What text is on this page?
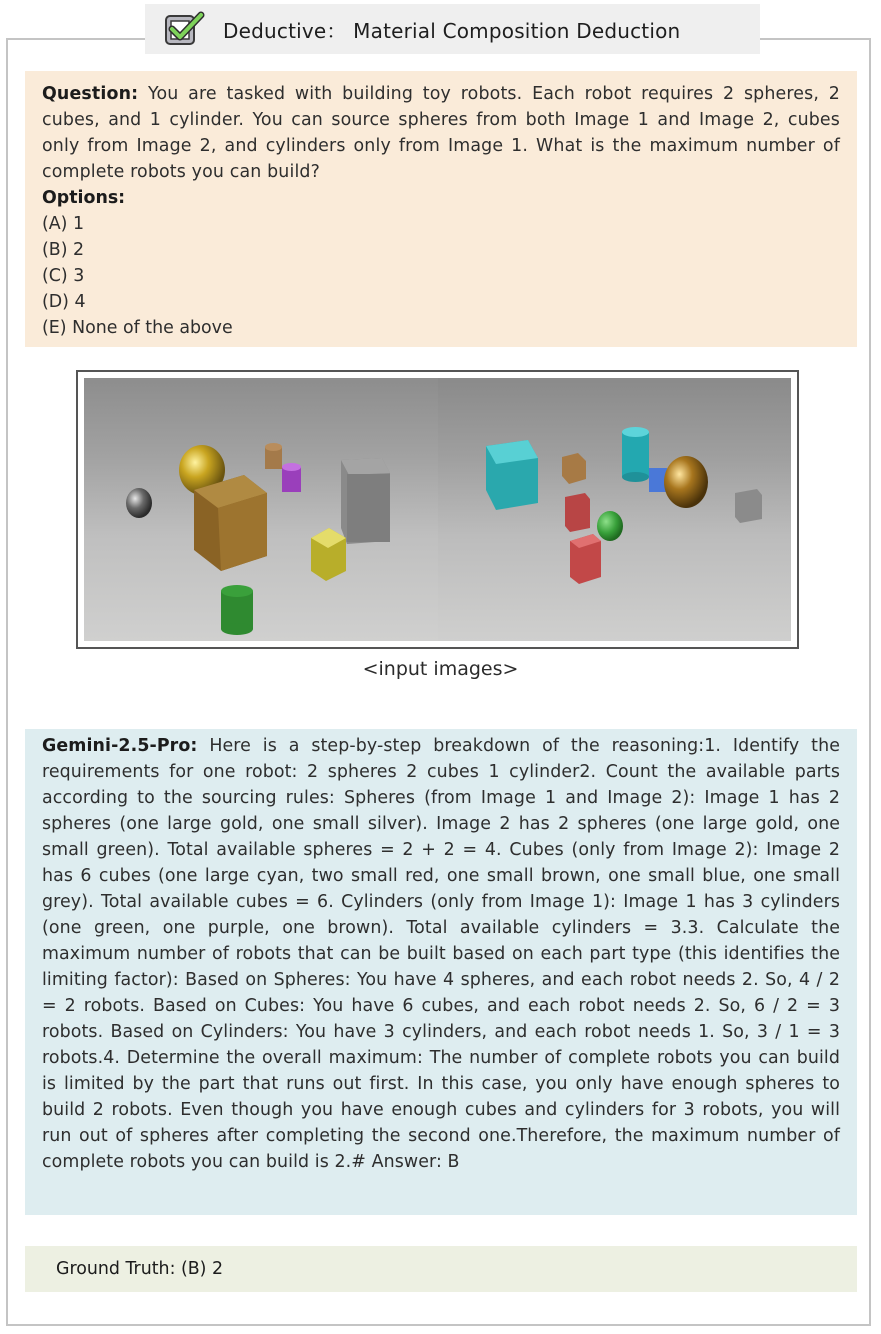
Deductive： Material Composition Deduction
Question: You are tasked with building toy robots. Each robot requires 2 spheres, 2 cubes, and 1 cylinder. You can source spheres from both Image 1 and Image 2, cubes only from Image 2, and cylinders only from Image 1. What is the maximum number of complete robots you can build?
Options:
(A) 1
(B) 2
(C) 3
(D) 4
(E) None of the above
<input images>
Gemini-2.5-Pro: Here is a step-by-step breakdown of the reasoning:1. Identify the requirements for one robot: 2 spheres 2 cubes 1 cylinder2. Count the available parts according to the sourcing rules: Spheres (from Image 1 and Image 2): Image 1 has 2 spheres (one large gold, one small silver). Image 2 has 2 spheres (one large gold, one small green). Total available spheres = 2 + 2 = 4. Cubes (only from Image 2): Image 2 has 6 cubes (one large cyan, two small red, one small brown, one small blue, one small grey). Total available cubes = 6. Cylinders (only from Image 1): Image 1 has 3 cylinders (one green, one purple, one brown). Total available cylinders = 3.3. Calculate the maximum number of robots that can be built based on each part type (this identifies the limiting factor): Based on Spheres: You have 4 spheres, and each robot needs 2. So, 4 / 2 = 2 robots. Based on Cubes: You have 6 cubes, and each robot needs 2. So, 6 / 2 = 3 robots. Based on Cylinders: You have 3 cylinders, and each robot needs 1. So, 3 / 1 = 3 robots.4. Determine the overall maximum: The number of complete robots you can build is limited by the part that runs out first. In this case, you only have enough spheres to build 2 robots. Even though you have enough cubes and cylinders for 3 robots, you will run out of spheres after completing the second one.Therefore, the maximum number of complete robots you can build is 2.# Answer: B
Ground Truth: (B) 2
